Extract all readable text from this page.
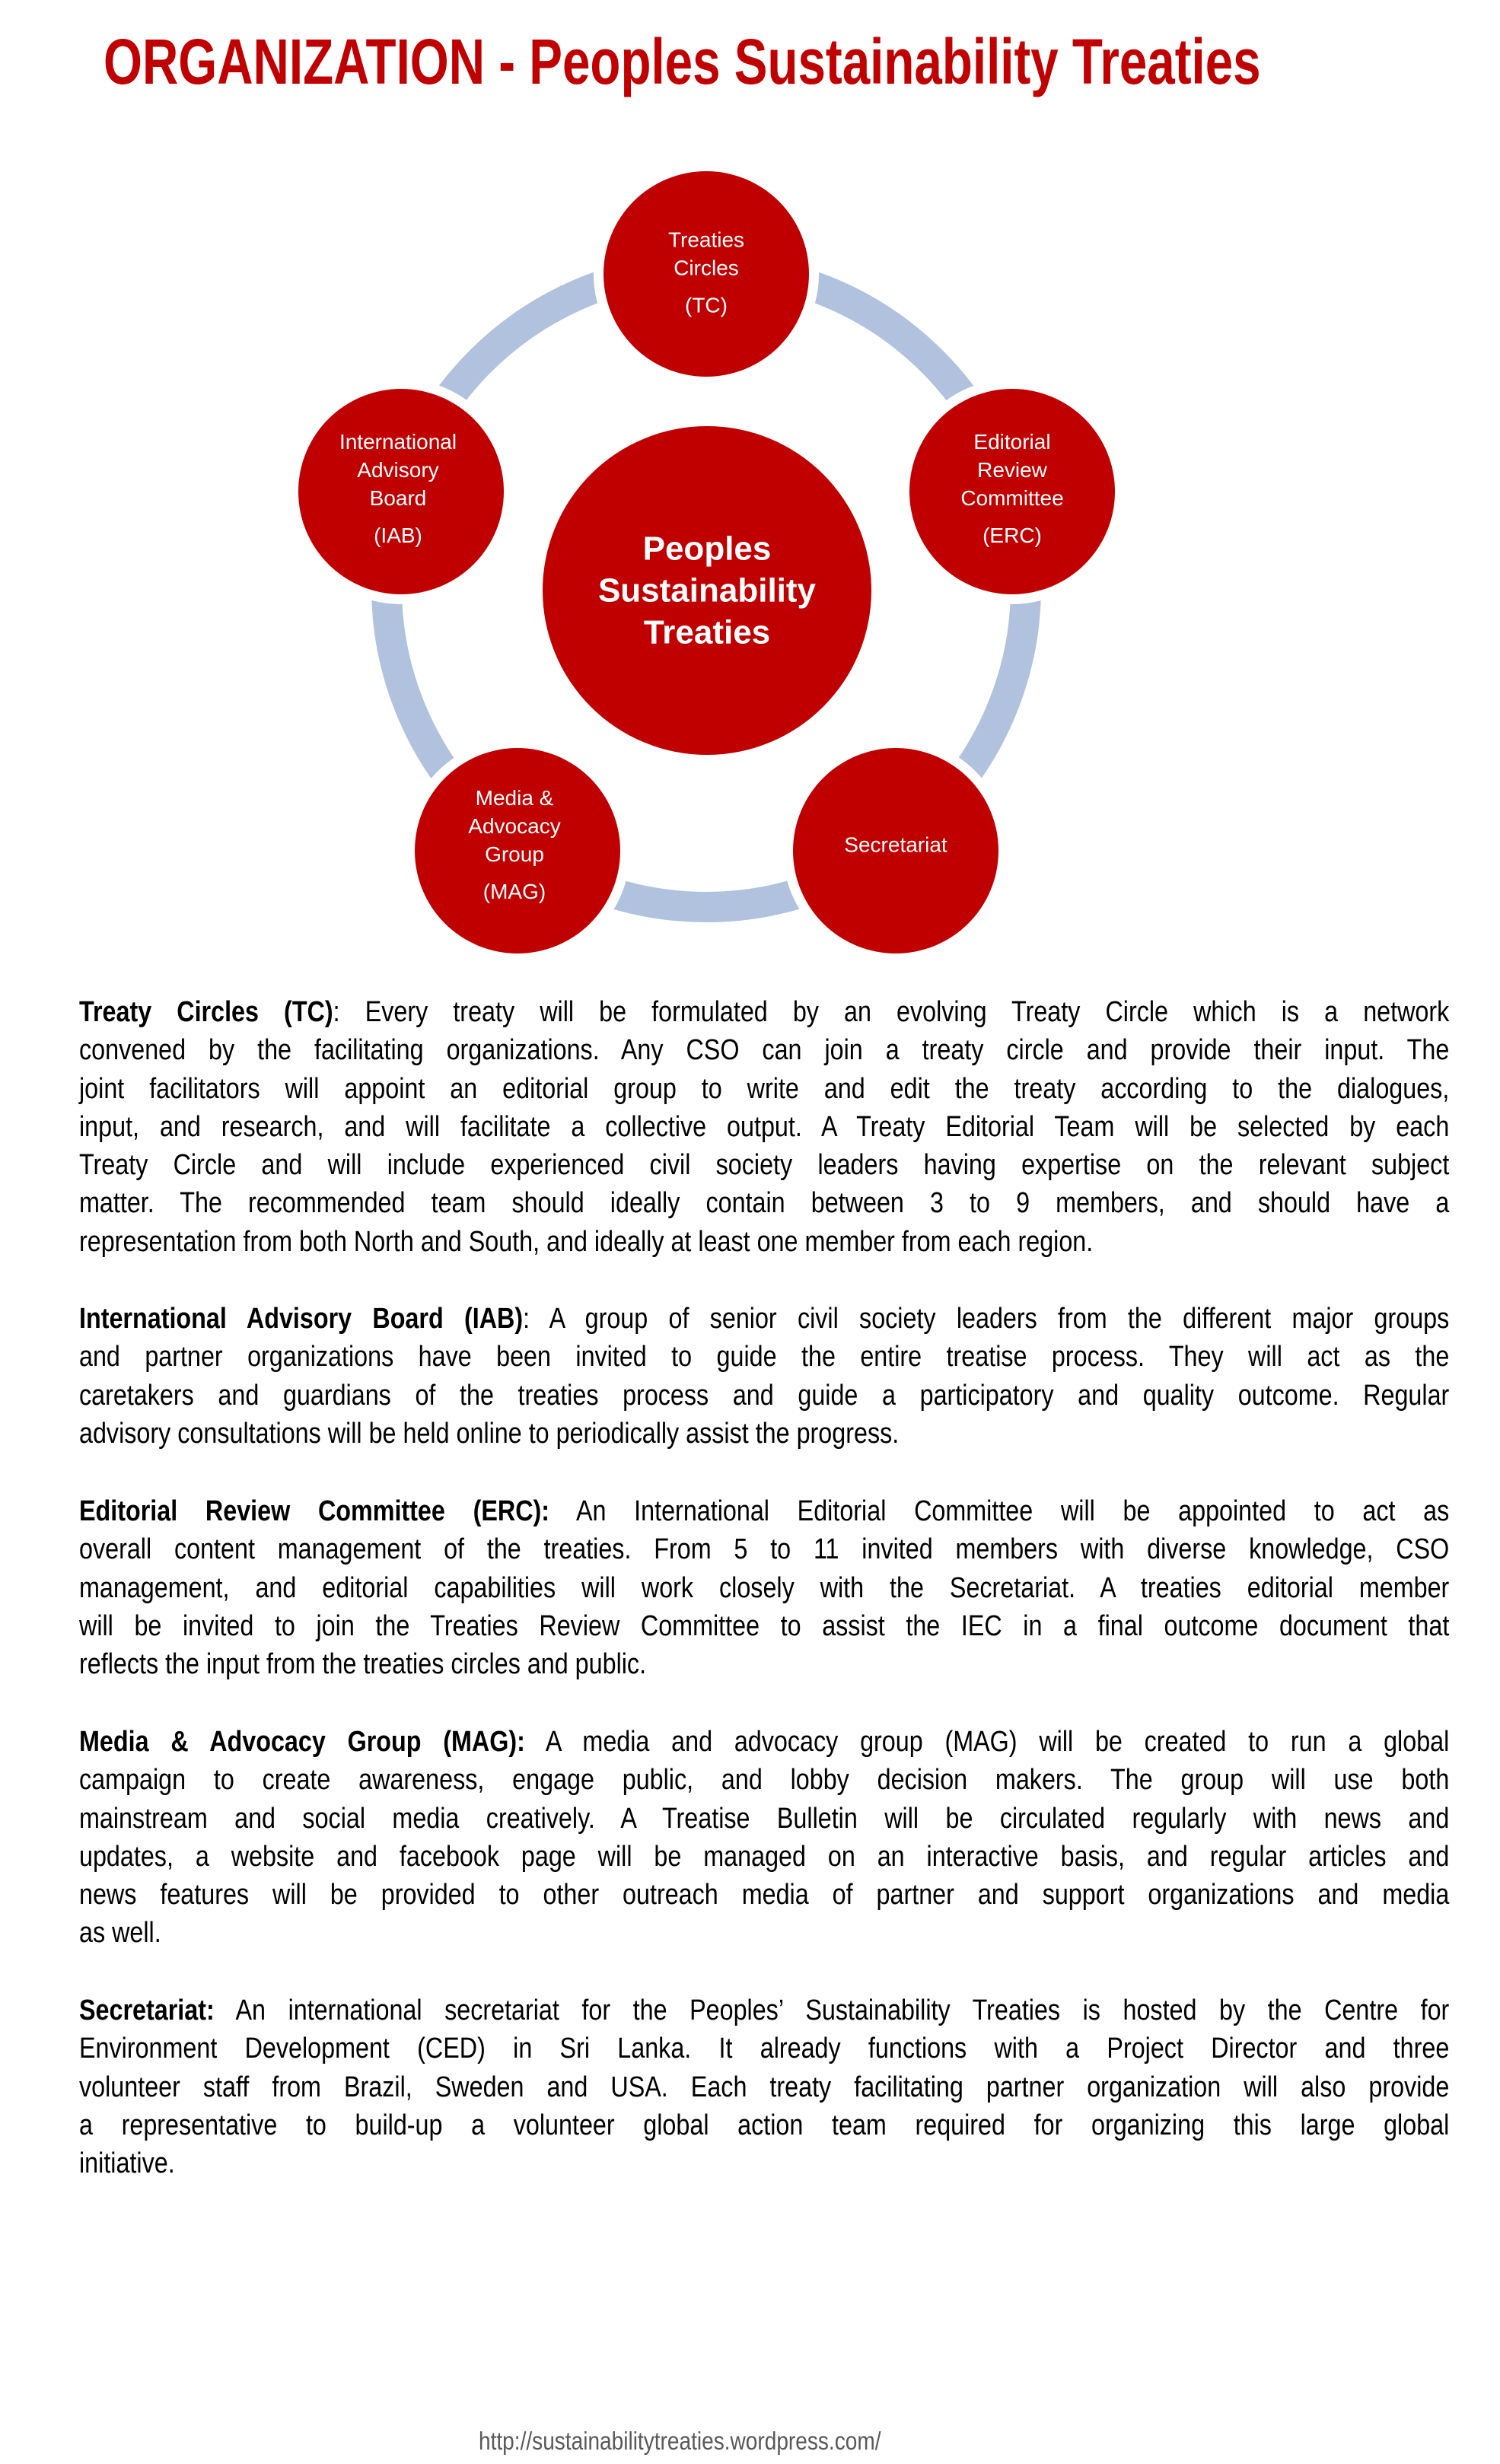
ORGANIZATION - Peoples Sustainability Treaties
Peoples
Sustainability
Treaties
Treaties
Circles
(TC)
Editorial
Review
Committee
(ERC)
Secretariat
Media &
Advocacy
Group
(MAG)
International
Advisory
Board
(IAB)
Treaty Circles (TC): Every treaty will be formulated by an evolving Treaty Circle which is a network
convened by the facilitating organizations. Any CSO can join a treaty circle and provide their input. The
joint facilitators will appoint an editorial group to write and edit the treaty according to the dialogues,
input, and research, and will facilitate a collective output. A Treaty Editorial Team will be selected by each
Treaty Circle and will include experienced civil society leaders having expertise on the relevant subject
matter. The recommended team should ideally contain between 3 to 9 members, and should have a
representation from both North and South, and ideally at least one member from each region.
International Advisory Board (IAB): A group of senior civil society leaders from the different major groups
and partner organizations have been invited to guide the entire treatise process. They will act as the
caretakers and guardians of the treaties process and guide a participatory and quality outcome. Regular
advisory consultations will be held online to periodically assist the progress.
Editorial Review Committee (ERC): An International Editorial Committee will be appointed to act as
overall content management of the treaties. From 5 to 11 invited members with diverse knowledge, CSO
management, and editorial capabilities will work closely with the Secretariat. A treaties editorial member
will be invited to join the Treaties Review Committee to assist the IEC in a final outcome document that
reflects the input from the treaties circles and public.
Media & Advocacy Group (MAG): A media and advocacy group (MAG) will be created to run a global
campaign to create awareness, engage public, and lobby decision makers. The group will use both
mainstream and social media creatively. A Treatise Bulletin will be circulated regularly with news and
updates, a website and facebook page will be managed on an interactive basis, and regular articles and
news features will be provided to other outreach media of partner and support organizations and media
as well.
Secretariat: An international secretariat for the Peoples’ Sustainability Treaties is hosted by the Centre for
Environment Development (CED) in Sri Lanka. It already functions with a Project Director and three
volunteer staff from Brazil, Sweden and USA. Each treaty facilitating partner organization will also provide
a representative to build-up a volunteer global action team required for organizing this large global
initiative.
http://sustainabilitytreaties.wordpress.com/
